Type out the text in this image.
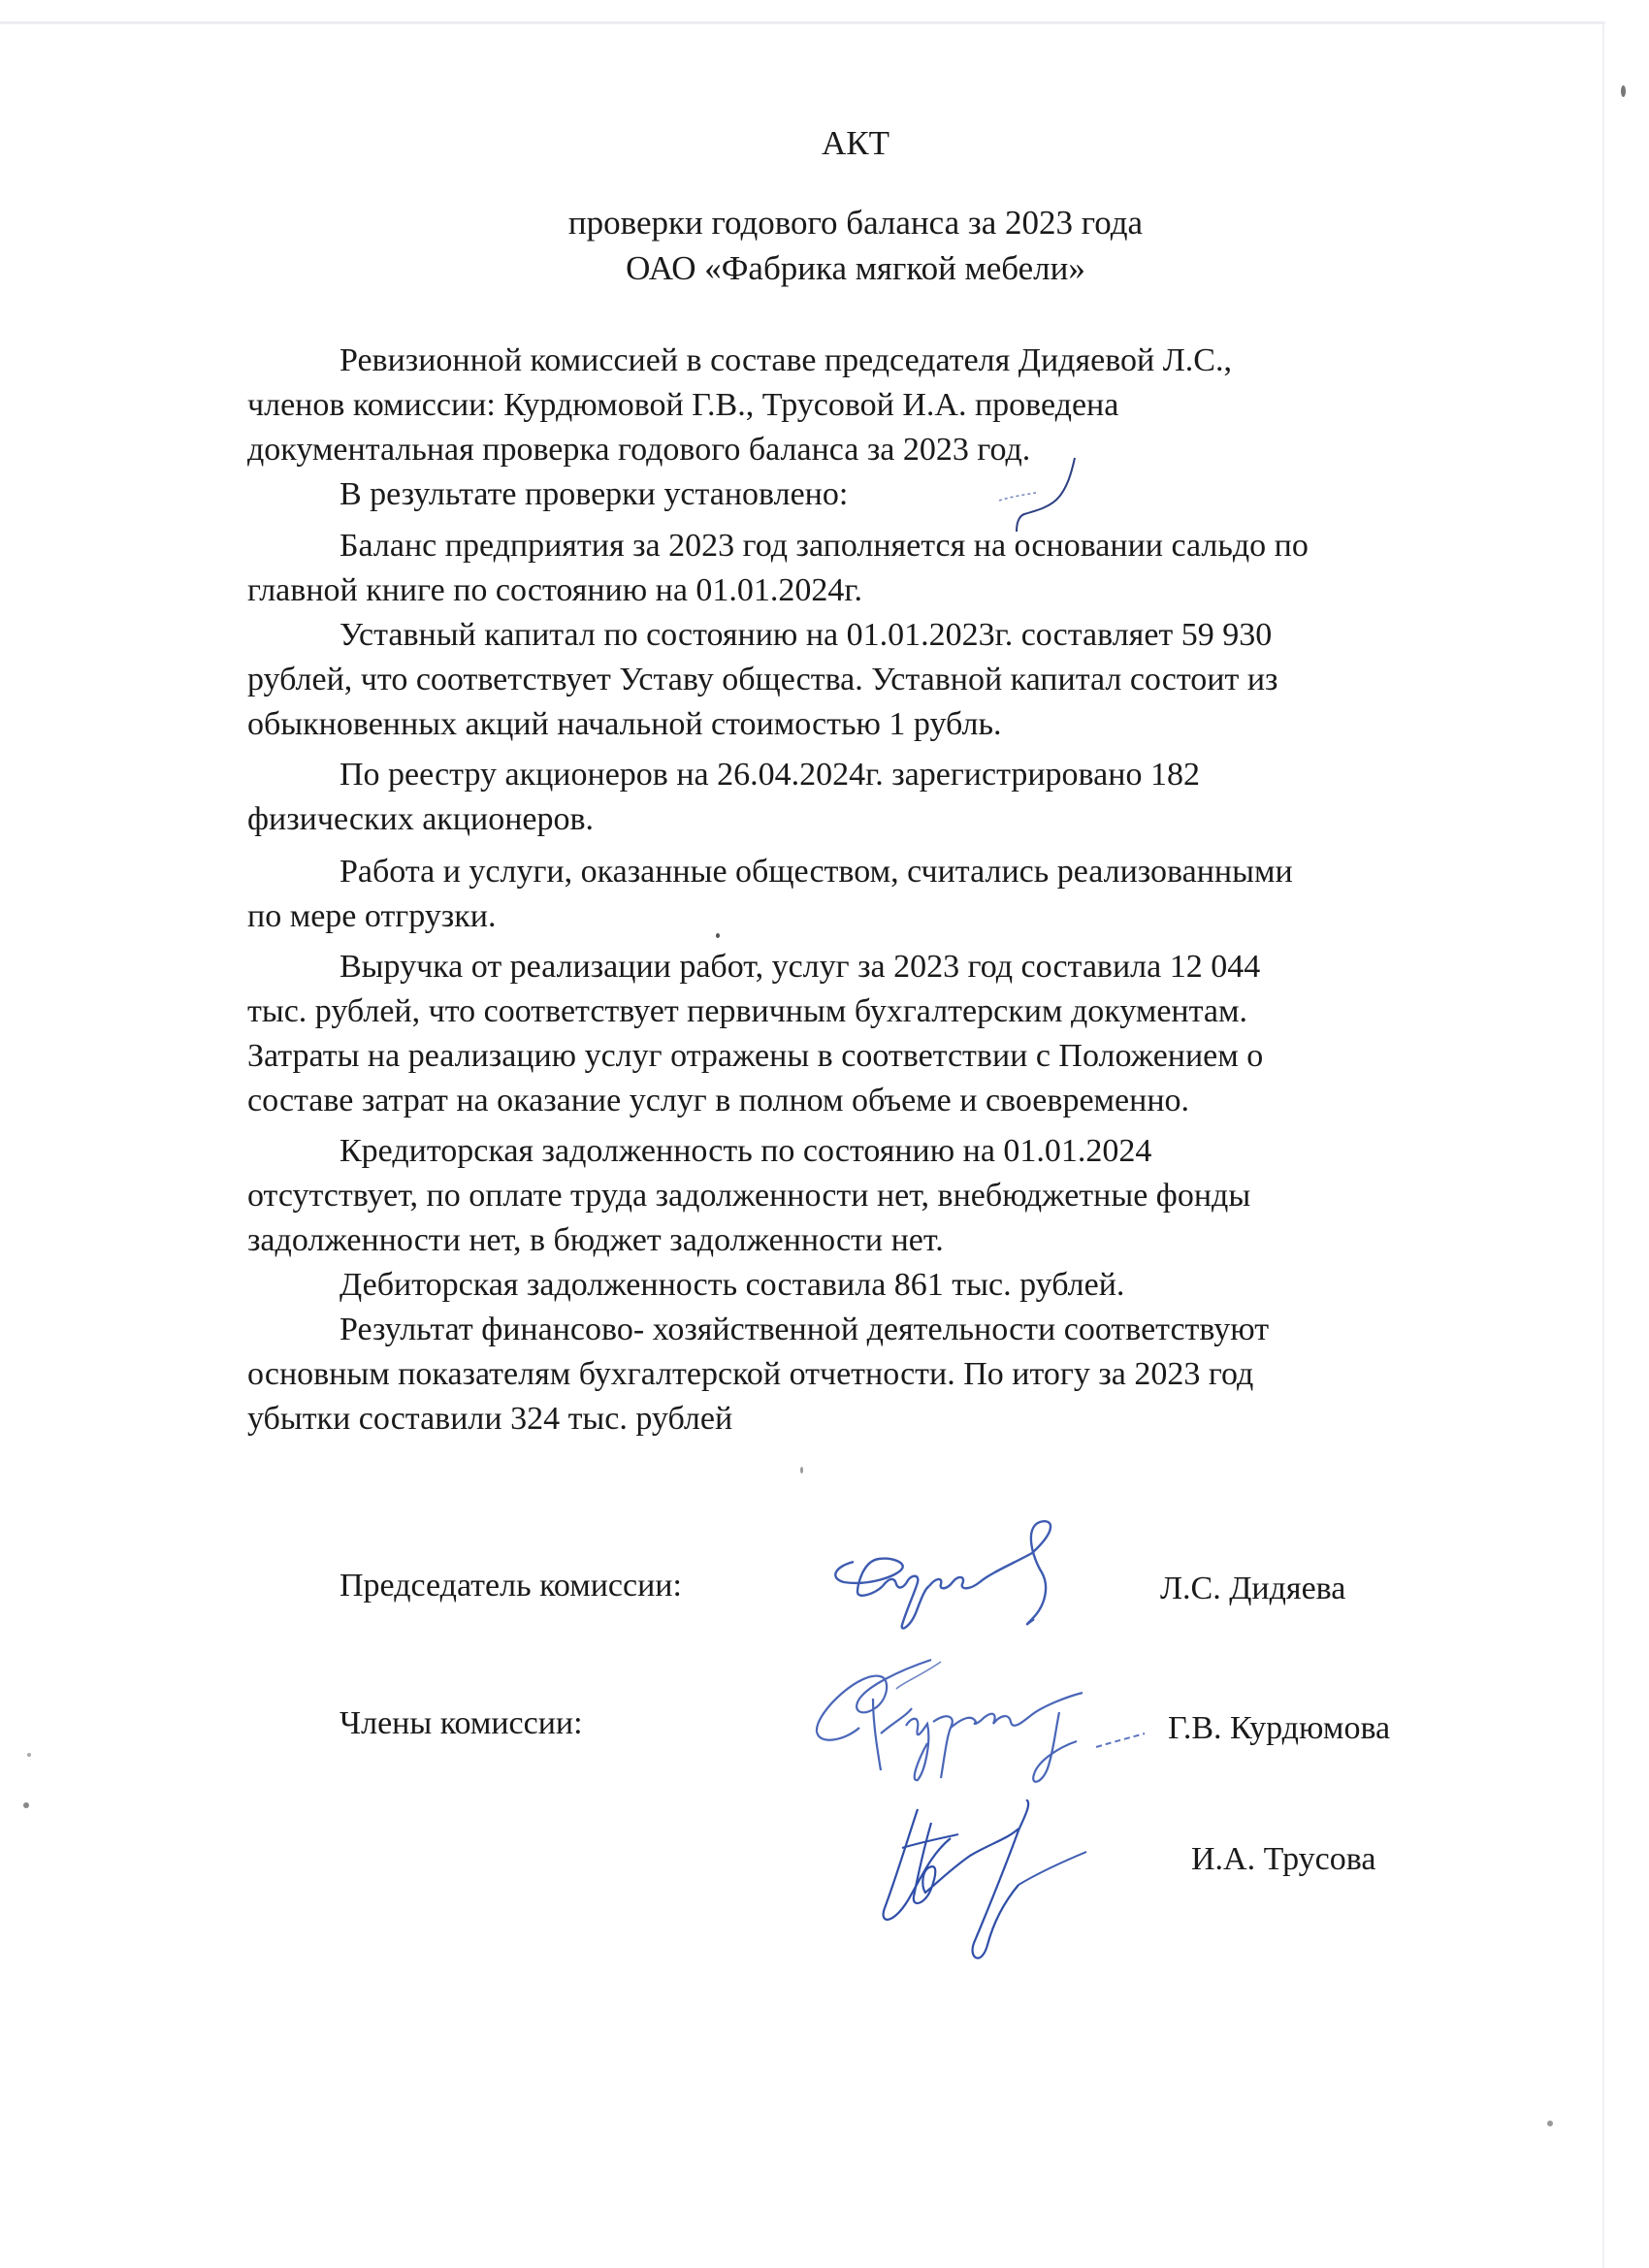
АКТ
проверки годового баланса за 2023 года
ОАО «Фабрика мягкой мебели»
Ревизионной комиссией в составе председателя Дидяевой Л.С.,
членов комиссии: Курдюмовой Г.В., Трусовой И.А. проведена
документальная проверка годового баланса за 2023 год.
В результате проверки установлено:
Баланс предприятия за 2023 год заполняется на основании сальдо по
главной книге по состоянию на 01.01.2024г.
Уставный капитал по состоянию на 01.01.2023г. составляет 59 930
рублей, что соответствует Уставу общества. Уставной капитал состоит из
обыкновенных акций начальной стоимостью 1 рубль.
По реестру акционеров на 26.04.2024г. зарегистрировано 182
физических акционеров.
Работа и услуги, оказанные обществом, считались реализованными
по мере отгрузки.
Выручка от реализации работ, услуг за 2023 год составила 12 044
тыс. рублей, что соответствует первичным бухгалтерским документам.
Затраты на реализацию услуг отражены в соответствии с Положением о
составе затрат на оказание услуг в полном объеме и своевременно.
Кредиторская задолженность по состоянию на 01.01.2024
отсутствует, по оплате труда задолженности нет, внебюджетные фонды
задолженности нет, в бюджет задолженности нет.
Дебиторская задолженность составила 861 тыс. рублей.
Результат финансово- хозяйственной деятельности соответствуют
основным показателям бухгалтерской отчетности. По итогу за 2023 год
убытки составили 324 тыс. рублей
Председатель комиссии:	Л.С. Дидяева
Члены комиссии:	Г.В. Курдюмова
И.А. Трусова
